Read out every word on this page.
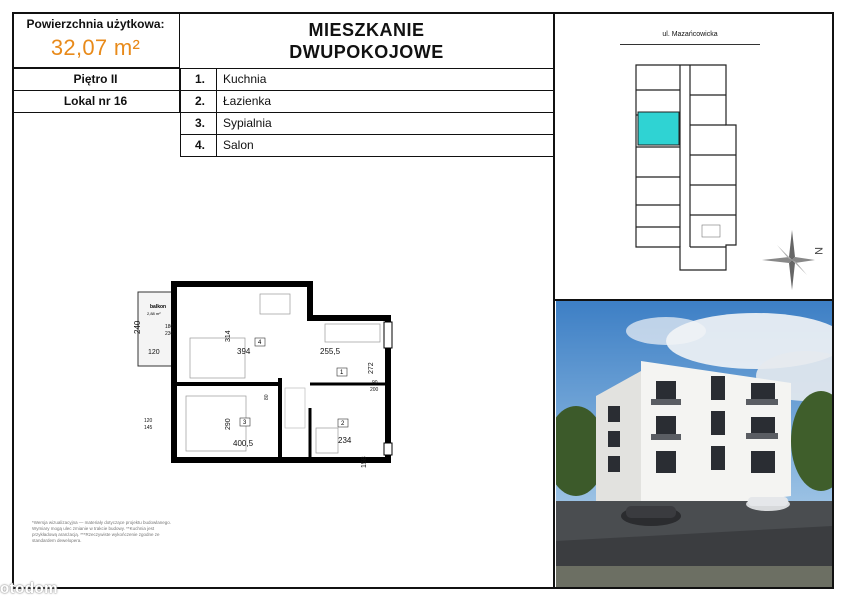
Powierzchnia użytkowa:
32,07 m²
MIESZKANIE
DWUPOKOJOWE
Piętro II
Lokal nr 16
1.	Kuchnia
2.	Łazienka
3.	Sypialnia
4.	Salon
balkon
2,88 m²
240
120
180
230
394
314
255,5
272
400,5
290
234
158
90
200
80
120
145
1
2
3
4
*Wersja wizualizacyjna — materiały dotyczące projektu budowlanego. Wymiary mogą ulec zmianie w trakcie budowy. **Kuchnia jest przykładową aranżacją. ***Rzeczywiste wykończenie zgodne ze standardem dewelopera.
otodom
ul. Mazańcowicka
N
